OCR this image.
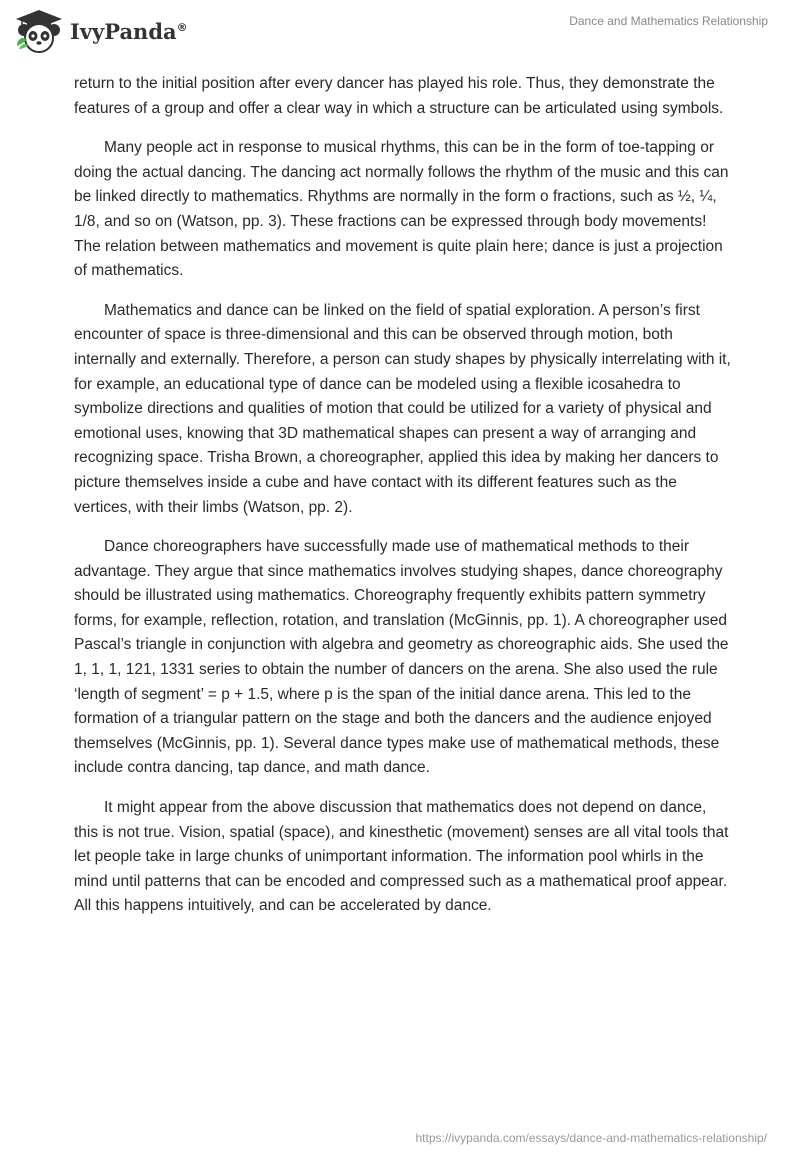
IvyPanda®	Dance and Mathematics Relationship

return to the initial position after every dancer has played his role. Thus, they demonstrate the features of a group and offer a clear way in which a structure can be articulated using symbols.

Many people act in response to musical rhythms, this can be in the form of toe-tapping or doing the actual dancing. The dancing act normally follows the rhythm of the music and this can be linked directly to mathematics. Rhythms are normally in the form o fractions, such as ½, ¼, 1/8, and so on (Watson, pp. 3). These fractions can be expressed through body movements! The relation between mathematics and movement is quite plain here; dance is just a projection of mathematics.

Mathematics and dance can be linked on the field of spatial exploration. A person’s first encounter of space is three-dimensional and this can be observed through motion, both internally and externally. Therefore, a person can study shapes by physically interrelating with it, for example, an educational type of dance can be modeled using a flexible icosahedra to symbolize directions and qualities of motion that could be utilized for a variety of physical and emotional uses, knowing that 3D mathematical shapes can present a way of arranging and recognizing space. Trisha Brown, a choreographer, applied this idea by making her dancers to picture themselves inside a cube and have contact with its different features such as the vertices, with their limbs (Watson, pp. 2).

Dance choreographers have successfully made use of mathematical methods to their advantage. They argue that since mathematics involves studying shapes, dance choreography should be illustrated using mathematics. Choreography frequently exhibits pattern symmetry forms, for example, reflection, rotation, and translation (McGinnis, pp. 1). A choreographer used Pascal’s triangle in conjunction with algebra and geometry as choreographic aids. She used the 1, 1, 1, 121, 1331 series to obtain the number of dancers on the arena. She also used the rule ‘length of segment’ = p + 1.5, where p is the span of the initial dance arena. This led to the formation of a triangular pattern on the stage and both the dancers and the audience enjoyed themselves (McGinnis, pp. 1). Several dance types make use of mathematical methods, these include contra dancing, tap dance, and math dance.

It might appear from the above discussion that mathematics does not depend on dance, this is not true. Vision, spatial (space), and kinesthetic (movement) senses are all vital tools that let people take in large chunks of unimportant information. The information pool whirls in the mind until patterns that can be encoded and compressed such as a mathematical proof appear. All this happens intuitively, and can be accelerated by dance.

https://ivypanda.com/essays/dance-and-mathematics-relationship/
